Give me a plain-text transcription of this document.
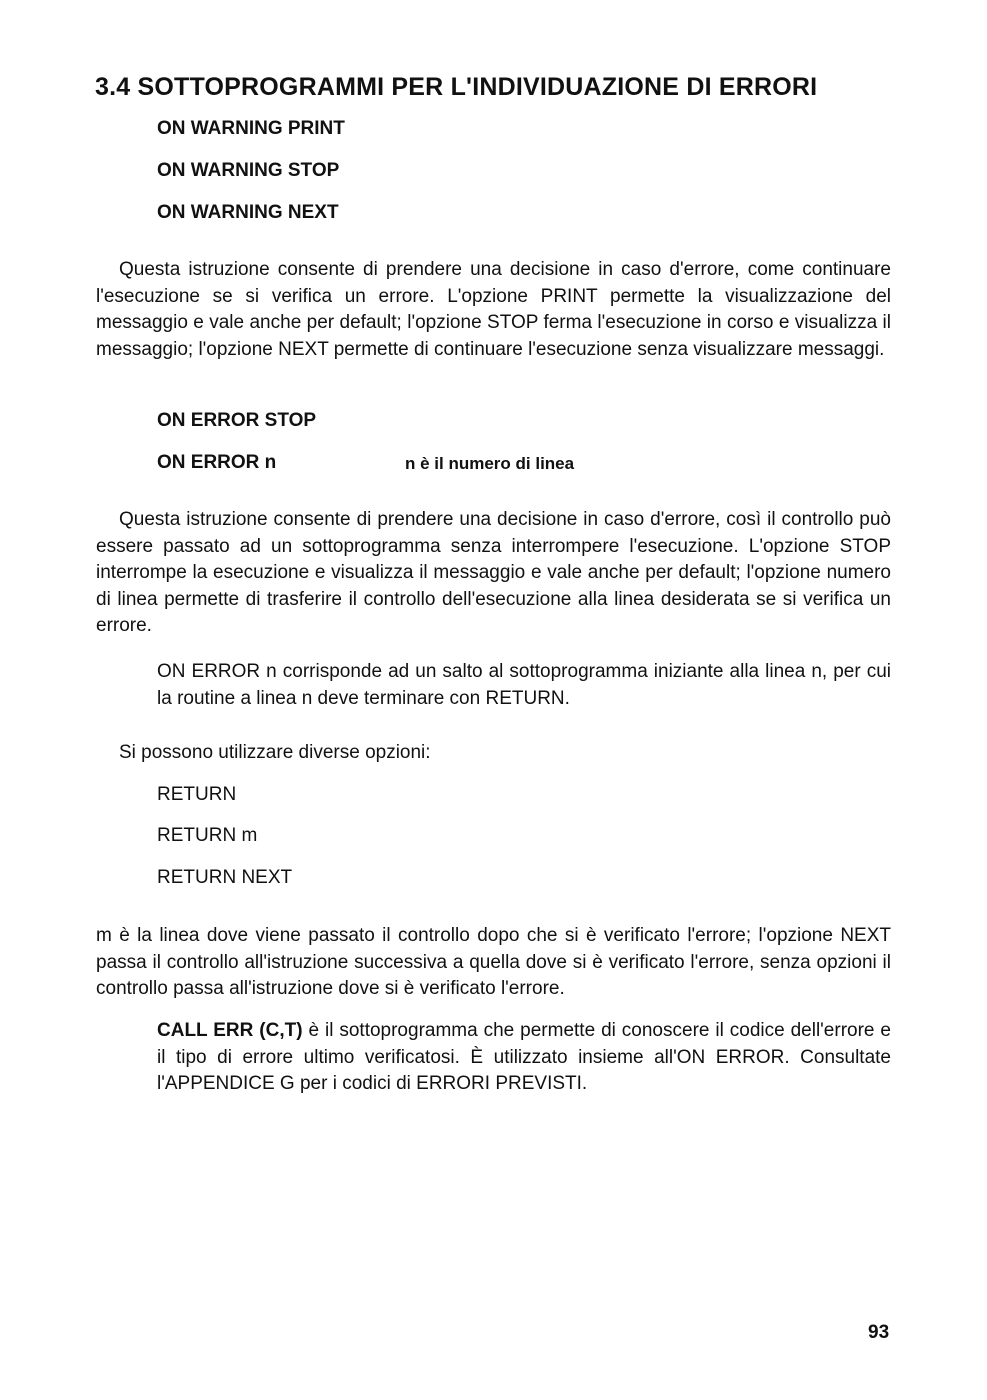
3.4 SOTTOPROGRAMMI PER L'INDIVIDUAZIONE DI ERRORI
ON WARNING PRINT
ON WARNING STOP
ON WARNING NEXT

Questa istruzione consente di prendere una decisione in caso d'errore, come continuare l'esecuzione se si verifica un errore. L'opzione PRINT permette la visualizzazione del messaggio e vale anche per default; l'opzione STOP ferma l'esecuzione in corso e visualizza il messaggio; l'opzione NEXT permette di continuare l'esecuzione senza visualizzare messaggi.

ON ERROR STOP
ON ERROR n	n è il numero di linea

Questa istruzione consente di prendere una decisione in caso d'errore, così il controllo può essere passato ad un sottoprogramma senza interrompere l'esecuzione. L'opzione STOP interrompe la esecuzione e visualizza il messaggio e vale anche per default; l'opzione numero di linea permette di trasferire il controllo dell'esecuzione alla linea desiderata se si verifica un errore.

ON ERROR n corrisponde ad un salto al sottoprogramma iniziante alla linea n, per cui la routine a linea n deve terminare con RETURN.

Si possono utilizzare diverse opzioni:
RETURN
RETURN m
RETURN NEXT

m è la linea dove viene passato il controllo dopo che si è verificato l'errore; l'opzione NEXT passa il controllo all'istruzione successiva a quella dove si è verificato l'errore, senza opzioni il controllo passa all'istruzione dove si è verificato l'errore.

CALL ERR (C,T) è il sottoprogramma che permette di conoscere il codice dell'errore e il tipo di errore ultimo verificatosi. È utilizzato insieme all'ON ERROR. Consultate l'APPENDICE G per i codici di ERRORI PREVISTI.

93
